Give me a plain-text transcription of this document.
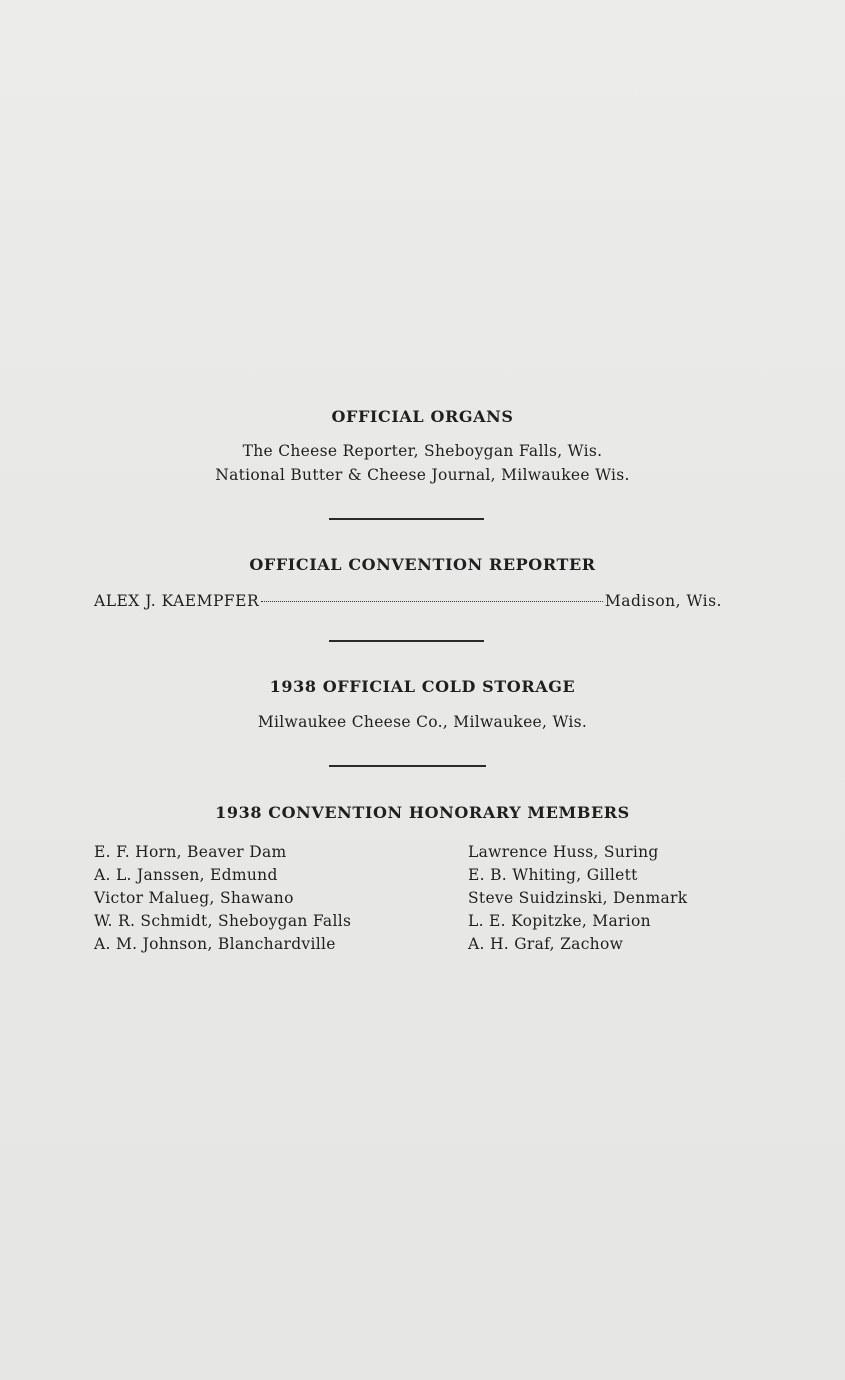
OFFICIAL ORGANS
The Cheese Reporter, Sheboygan Falls, Wis.
National Butter & Cheese Journal, Milwaukee Wis.
OFFICIAL CONVENTION REPORTER
ALEX J. KAEMPFER	Madison, Wis.
1938 OFFICIAL COLD STORAGE
Milwaukee Cheese Co., Milwaukee, Wis.
1938 CONVENTION HONORARY MEMBERS
E. F. Horn, Beaver Dam
A. L. Janssen, Edmund
Victor Malueg, Shawano
W. R. Schmidt, Sheboygan Falls
A. M. Johnson, Blanchardville
Lawrence Huss, Suring
E. B. Whiting, Gillett
Steve Suidzinski, Denmark
L. E. Kopitzke, Marion
A. H. Graf, Zachow
